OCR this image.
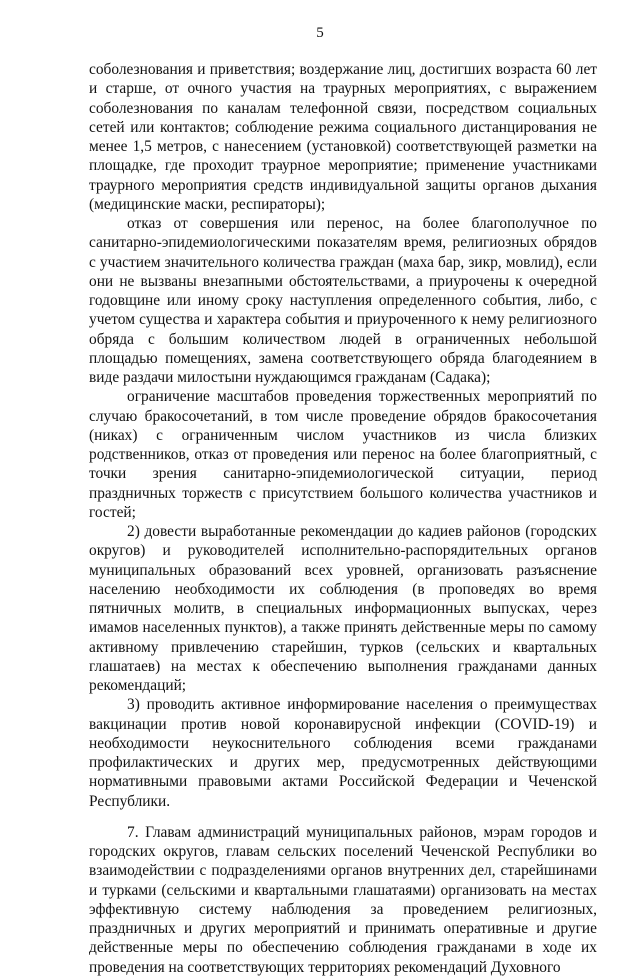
5

соболезнования и приветствия; воздержание лиц, достигших возраста 60 лет и старше, от очного участия на траурных мероприятиях, с выражением соболезнования по каналам телефонной связи, посредством социальных сетей или контактов; соблюдение режима социального дистанцирования не менее 1,5 метров, с нанесением (установкой) соответствующей разметки на площадке, где проходит траурное мероприятие; применение участниками траурного мероприятия средств индивидуальной защиты органов дыхания (медицинские маски, респираторы);

отказ от совершения или перенос, на более благополучное по санитарно-эпидемиологическими показателям время, религиозных обрядов с участием значительного количества граждан (маха бар, зикр, мовлид), если они не вызваны внезапными обстоятельствами, а приурочены к очередной годовщине или иному сроку наступления определенного события, либо, с учетом существа и характера события и приуроченного к нему религиозного обряда с большим количеством людей в ограниченных небольшой площадью помещениях, замена соответствующего обряда благодеянием в виде раздачи милостыни нуждающимся гражданам (Садака);

ограничение масштабов проведения торжественных мероприятий по случаю бракосочетаний, в том числе проведение обрядов бракосочетания (никах) с ограниченным числом участников из числа близких родственников, отказ от проведения или перенос на более благоприятный, с точки зрения санитарно-эпидемиологической ситуации, период праздничных торжеств с присутствием большого количества участников и гостей;

2) довести выработанные рекомендации до кадиев районов (городских округов) и руководителей исполнительно-распорядительных органов муниципальных образований всех уровней, организовать разъяснение населению необходимости их соблюдения (в проповедях во время пятничных молитв, в специальных информационных выпусках, через имамов населенных пунктов), а также принять действенные меры по самому активному привлечению старейшин, турков (сельских и квартальных глашатаев) на местах к обеспечению выполнения гражданами данных рекомендаций;

3) проводить активное информирование населения о преимуществах вакцинации против новой коронавирусной инфекции (COVID-19) и необходимости неукоснительного соблюдения всеми гражданами профилактических и других мер, предусмотренных действующими нормативными правовыми актами Российской Федерации и Чеченской Республики.

7. Главам администраций муниципальных районов, мэрам городов и городских округов, главам сельских поселений Чеченской Республики во взаимодействии с подразделениями органов внутренних дел, старейшинами и турками (сельскими и квартальными глашатаями) организовать на местах эффективную систему наблюдения за проведением религиозных, праздничных и других мероприятий и принимать оперативные и другие действенные меры по обеспечению соблюдения гражданами в ходе их проведения на соответствующих территориях рекомендаций Духовного
